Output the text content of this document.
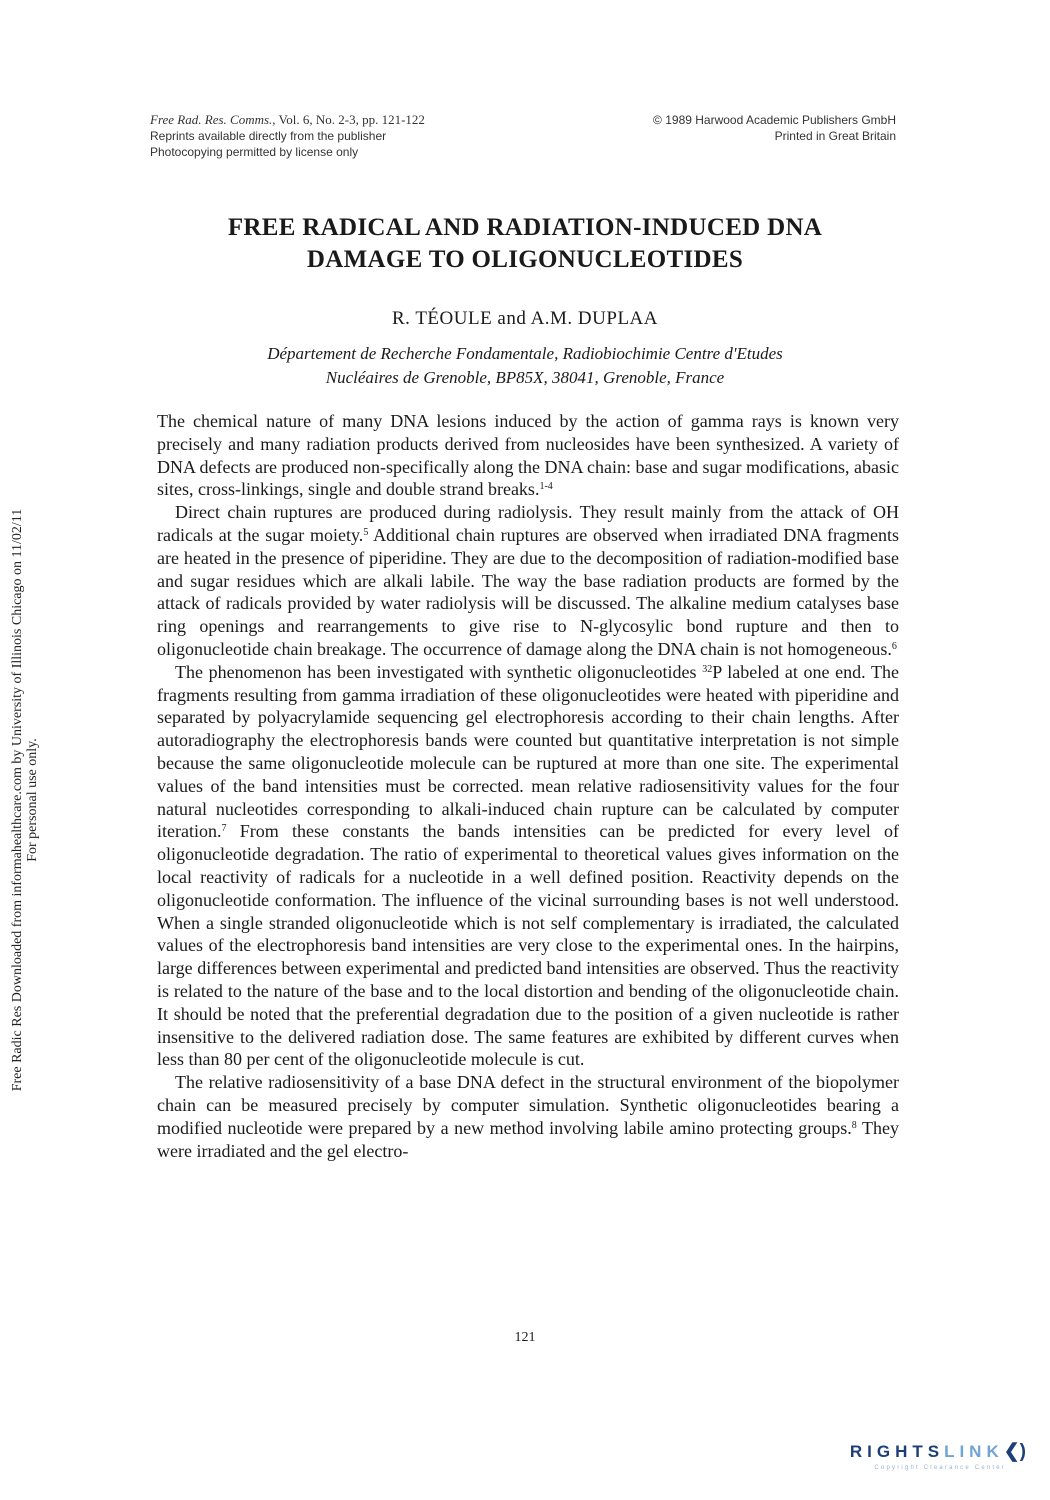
Free Rad. Res. Comms., Vol. 6, No. 2-3, pp. 121-122
Reprints available directly from the publisher
Photocopying permitted by license only
© 1989 Harwood Academic Publishers GmbH
Printed in Great Britain
FREE RADICAL AND RADIATION-INDUCED DNA
DAMAGE TO OLIGONUCLEOTIDES
R. TÉOULE and A.M. DUPLAA
Département de Recherche Fondamentale, Radiobiochimie Centre d'Etudes
Nucléaires de Grenoble, BP85X, 38041, Grenoble, France

The chemical nature of many DNA lesions induced by the action of gamma rays is known very precisely and many radiation products derived from nucleosides have been synthesized. A variety of DNA defects are produced non-specifically along the DNA chain: base and sugar modifications, abasic sites, cross-linkings, single and double strand breaks.$^{1-4}$

Direct chain ruptures are produced during radiolysis. They result mainly from the attack of OH radicals at the sugar moiety.$^5$ Additional chain ruptures are observed when irradiated DNA fragments are heated in the presence of piperidine. They are due to the decomposition of radiation-modified base and sugar residues which are alkali labile. The way the base radiation products are formed by the attack of radicals provided by water radiolysis will be discussed. The alkaline medium catalyses base ring openings and rearrangements to give rise to N-glycosylic bond rupture and then to oligonucleotide chain breakage. The occurrence of damage along the DNA chain is not homogeneous.$^6$

The phenomenon has been investigated with synthetic oligonucleotides $^{32}$P labeled at one end. The fragments resulting from gamma irradiation of these oligonucleotides were heated with piperidine and separated by polyacrylamide sequencing gel electrophoresis according to their chain lengths. After autoradiography the electrophoresis bands were counted but quantitative interpretation is not simple because the same oligonucleotide molecule can be ruptured at more than one site. The experimental values of the band intensities must be corrected. mean relative radiosensitivity values for the four natural nucleotides corresponding to alkali-induced chain rupture can be calculated by computer iteration.$^7$ From these constants the bands intensities can be predicted for every level of oligonucleotide degradation. The ratio of experimental to theoretical values gives information on the local reactivity of radicals for a nucleotide in a well defined position. Reactivity depends on the oligonucleotide conformation. The influence of the vicinal surrounding bases is not well understood. When a single stranded oligonucleotide which is not self complementary is irradiated, the calculated values of the electrophoresis band intensities are very close to the experimental ones. In the hairpins, large differences between experimental and predicted band intensities are observed. Thus the reactivity is related to the nature of the base and to the local distortion and bending of the oligonucleotide chain. It should be noted that the preferential degradation due to the position of a given nucleotide is rather insensitive to the delivered radiation dose. The same features are exhibited by different curves when less than 80 per cent of the oligonucleotide molecule is cut.

The relative radiosensitivity of a base DNA defect in the structural environment of the biopolymer chain can be measured precisely by computer simulation. Synthetic oligonucleotides bearing a modified nucleotide were prepared by a new method involving labile amino protecting groups.$^8$ They were irradiated and the gel electro-

121
Free Radic Res Downloaded from informahealthcare.com by University of Illinois Chicago on 11/02/11 For personal use only.
RIGHTSLINK❮)
Copyright Clearance Center
